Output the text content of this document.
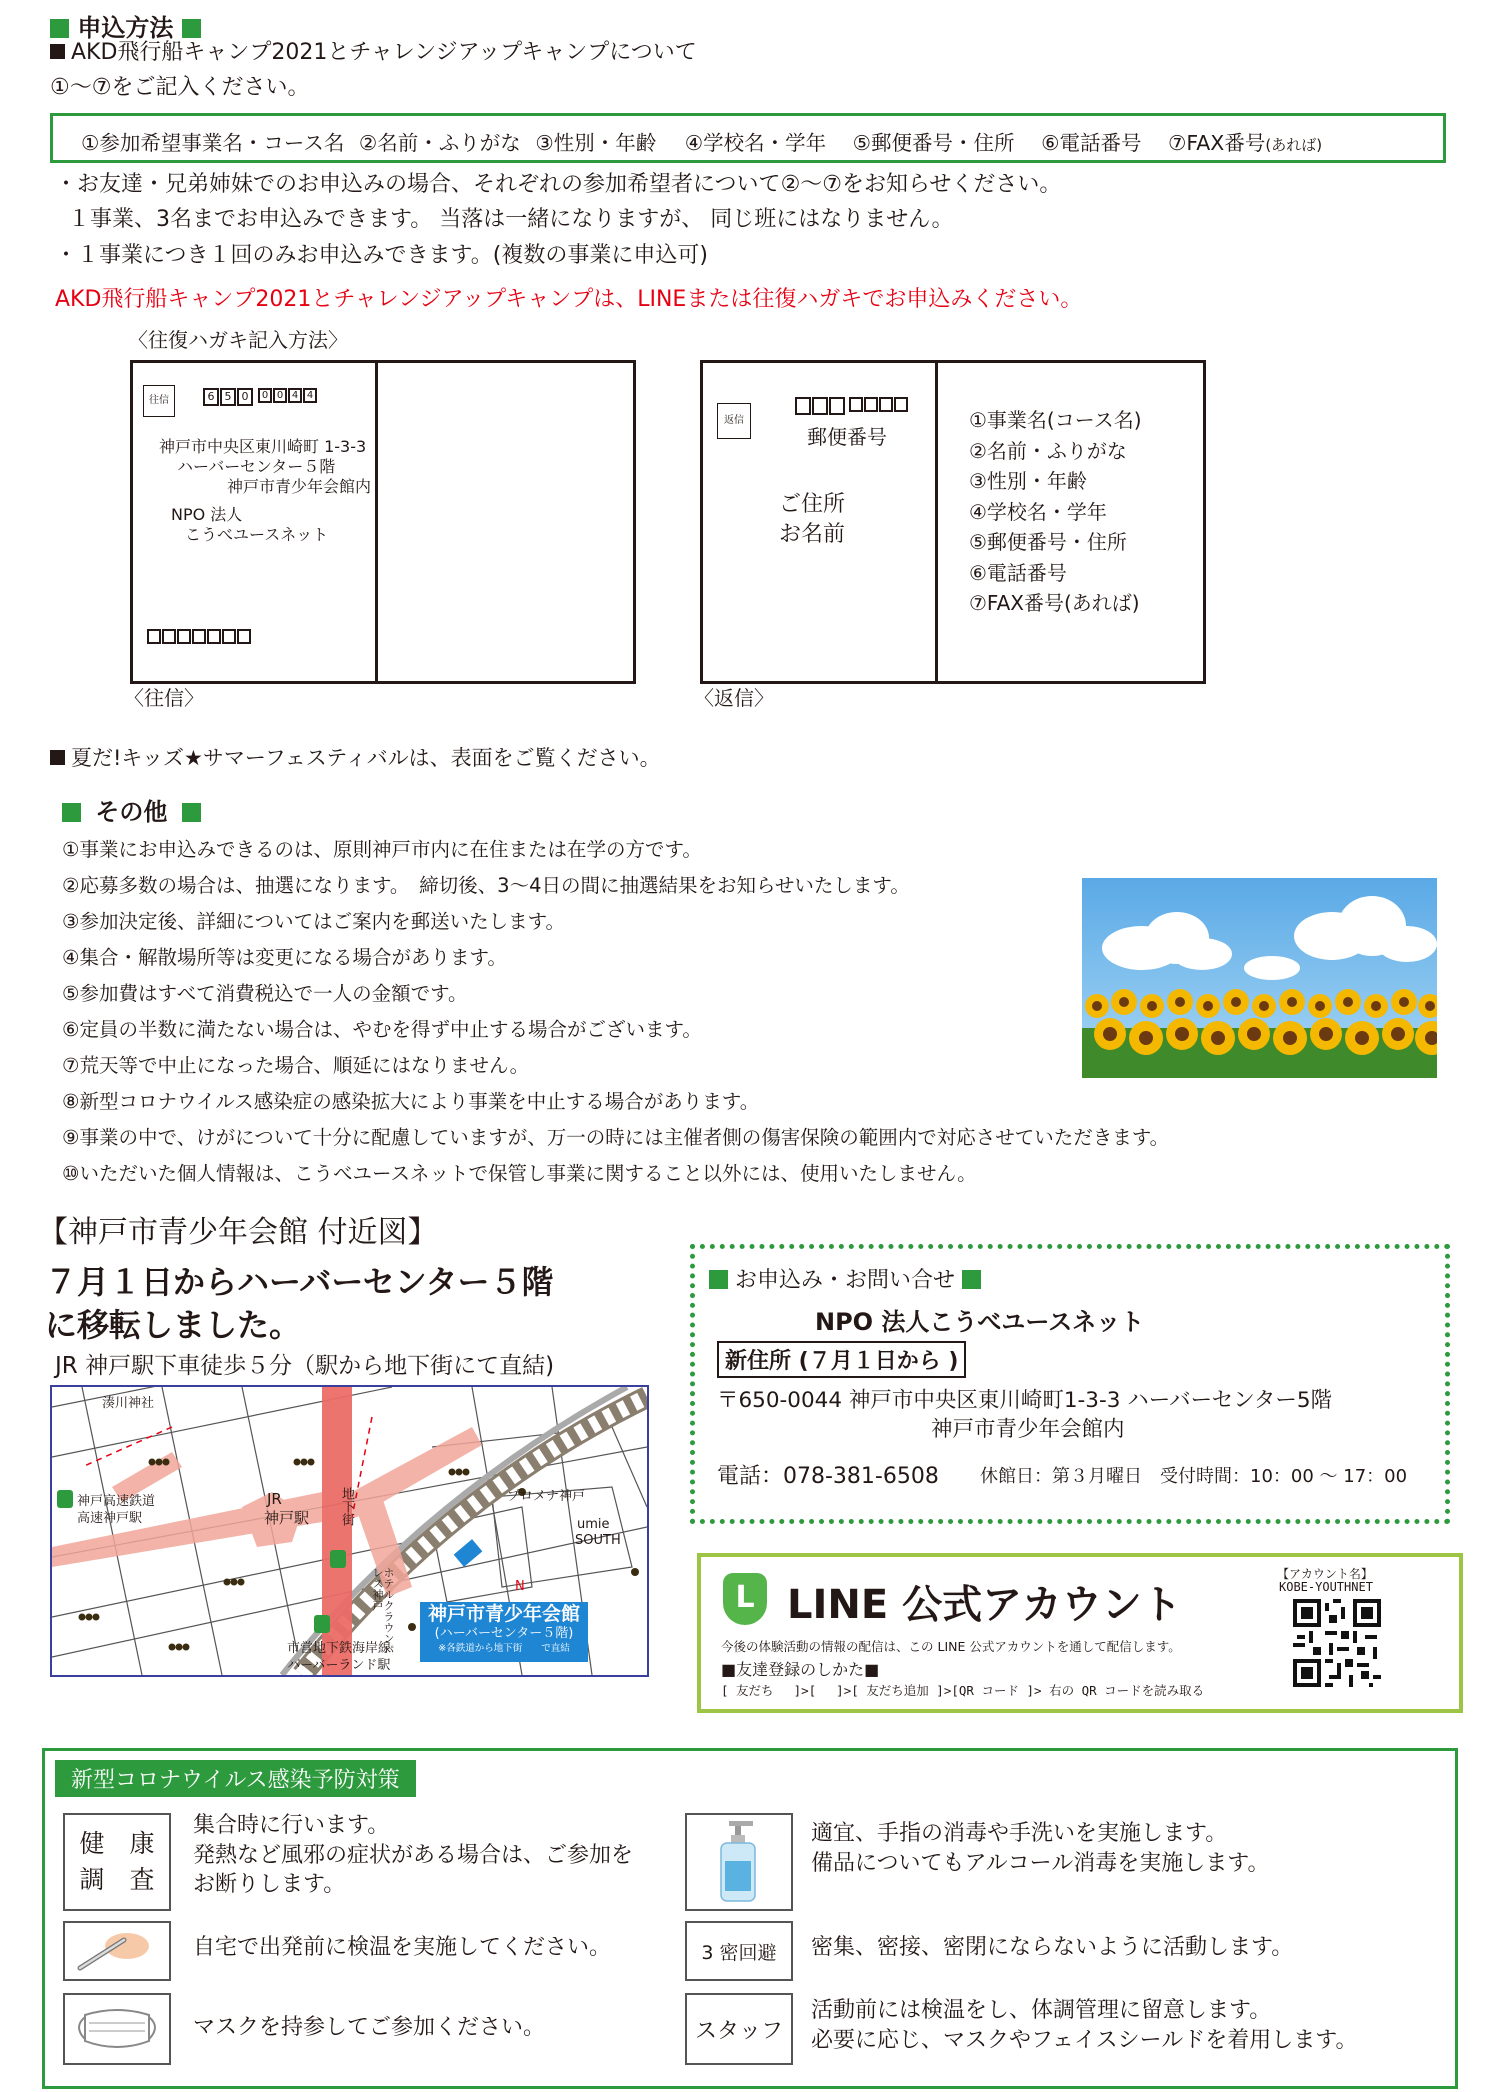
申込方法
AKD飛行船キャンプ2021とチャレンジアップキャンプについて
①～⑦をご記入ください。
①参加希望事業名・コース名 ②名前・ふりがな ③性別・年齢 ④学校名・学年 ⑤郵便番号・住所 ⑥電話番号 ⑦FAX番号(あれば)
・お友達・兄弟姉妹でのお申込みの場合、それぞれの参加希望者について②～⑦をお知らせください。
１事業、3名までお申込みできます。 当落は一緒になりますが、 同じ班にはなりません。
・１事業につき１回のみお申込みできます。(複数の事業に申込可)
AKD飛行船キャンプ2021とチャレンジアップキャンプは、LINEまたは往復ハガキでお申込みください。
〈往復ハガキ記入方法〉
往信	6 5 0 0 0 4 4
神戸市中央区東川崎町 1-3-3
ハーバーセンター５階
神戸市青少年会館内
NPO 法人
こうべユースネット
〈往信〉
返信
郵便番号
ご住所
お名前
①事業名(コース名)
②名前・ふりがな
③性別・年齢
④学校名・学年
⑤郵便番号・住所
⑥電話番号
⑦FAX番号(あれば)
〈返信〉
夏だ!キッズ★サマーフェスティバルは、表面をご覧ください。
その他
①事業にお申込みできるのは、原則神戸市内に在住または在学の方です。
②応募多数の場合は、抽選になります。　締切後、3～4日の間に抽選結果をお知らせいたします。
③参加決定後、詳細についてはご案内を郵送いたします。
④集合・解散場所等は変更になる場合があります。
⑤参加費はすべて消費税込で一人の金額です。
⑥定員の半数に満たない場合は、やむを得ず中止する場合がございます。
⑦荒天等で中止になった場合、順延にはなりません。
⑧新型コロナウイルス感染症の感染拡大により事業を中止する場合があります。
⑨事業の中で、けがについて十分に配慮していますが、万一の時には主催者側の傷害保険の範囲内で対応させていただきます。
⑩いただいた個人情報は、こうべユースネットで保管し事業に関すること以外には、使用いたしません。
【神戸市青少年会館 付近図】
７月１日からハーバーセンター５階
に移転しました。
JR 神戸駅下車徒歩５分（駅から地下街にて直結)
湊川神社
神戸高速鉄道
高速神戸駅
JR
神戸駅 地下街	プロメナ神戸
umie
SOUTH
ホテルクラウンパレス神戸
市営地下鉄海岸線
ハーバーランド駅
N
神戸市青少年会館
(ハーバーセンター５階)
※各鉄道から地下街　　で直結
お申込み・お問い合せ
NPO 法人こうべユースネット
新住所 (７月１日から )
〒650-0044 神戸市中央区東川崎町1-3-3 ハーバーセンター5階
神戸市青少年会館内
電話：078-381-6508 休館日：第３月曜日　受付時間：10：00 ～ 17：00
L LINE 公式アカウント
【アカウント名】
KOBE-YOUTHNET
今後の体験活動の情報の配信は、この LINE 公式アカウントを通して配信します。
■友達登録のしかた■
[ 友だち　 ]>[　 ]>[ 友だち追加 ]>[QR コード ]> 右の QR コードを読み取る
新型コロナウイルス感染予防対策
健　康
調　査
集合時に行います。
発熱など風邪の症状がある場合は、ご参加を
お断りします。
自宅で出発前に検温を実施してください。
マスクを持参してご参加ください。
適宜、手指の消毒や手洗いを実施します。
備品についてもアルコール消毒を実施します。
3 密回避 密集、密接、密閉にならないように活動します。
スタッフ
活動前には検温をし、体調管理に留意します。
必要に応じ、マスクやフェイスシールドを着用します。
